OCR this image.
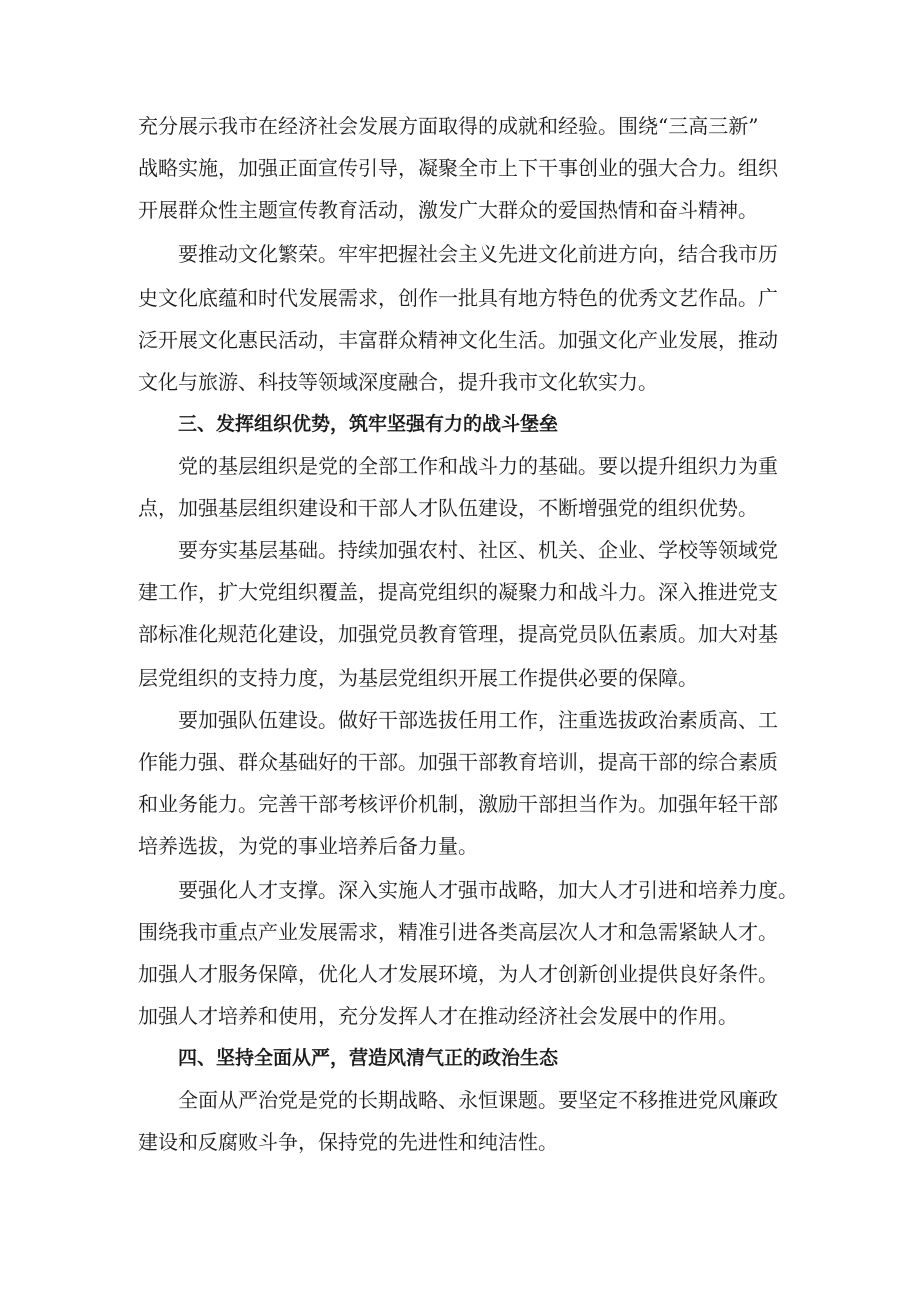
充分展示我市在经济社会发展方面取得的成就和经验。围绕“三高三新”
战略实施，加强正面宣传引导，凝聚全市上下干事创业的强大合力。组织
开展群众性主题宣传教育活动，激发广大群众的爱国热情和奋斗精神。
要推动文化繁荣。牢牢把握社会主义先进文化前进方向，结合我市历
史文化底蕴和时代发展需求，创作一批具有地方特色的优秀文艺作品。广
泛开展文化惠民活动，丰富群众精神文化生活。加强文化产业发展，推动
文化与旅游、科技等领域深度融合，提升我市文化软实力。
三、发挥组织优势，筑牢坚强有力的战斗堡垒
党的基层组织是党的全部工作和战斗力的基础。要以提升组织力为重
点，加强基层组织建设和干部人才队伍建设，不断增强党的组织优势。
要夯实基层基础。持续加强农村、社区、机关、企业、学校等领域党
建工作，扩大党组织覆盖，提高党组织的凝聚力和战斗力。深入推进党支
部标准化规范化建设，加强党员教育管理，提高党员队伍素质。加大对基
层党组织的支持力度，为基层党组织开展工作提供必要的保障。
要加强队伍建设。做好干部选拔任用工作，注重选拔政治素质高、工
作能力强、群众基础好的干部。加强干部教育培训，提高干部的综合素质
和业务能力。完善干部考核评价机制，激励干部担当作为。加强年轻干部
培养选拔，为党的事业培养后备力量。
要强化人才支撑。深入实施人才强市战略，加大人才引进和培养力度。
围绕我市重点产业发展需求，精准引进各类高层次人才和急需紧缺人才。
加强人才服务保障，优化人才发展环境，为人才创新创业提供良好条件。
加强人才培养和使用，充分发挥人才在推动经济社会发展中的作用。
四、坚持全面从严，营造风清气正的政治生态
全面从严治党是党的长期战略、永恒课题。要坚定不移推进党风廉政
建设和反腐败斗争，保持党的先进性和纯洁性。
